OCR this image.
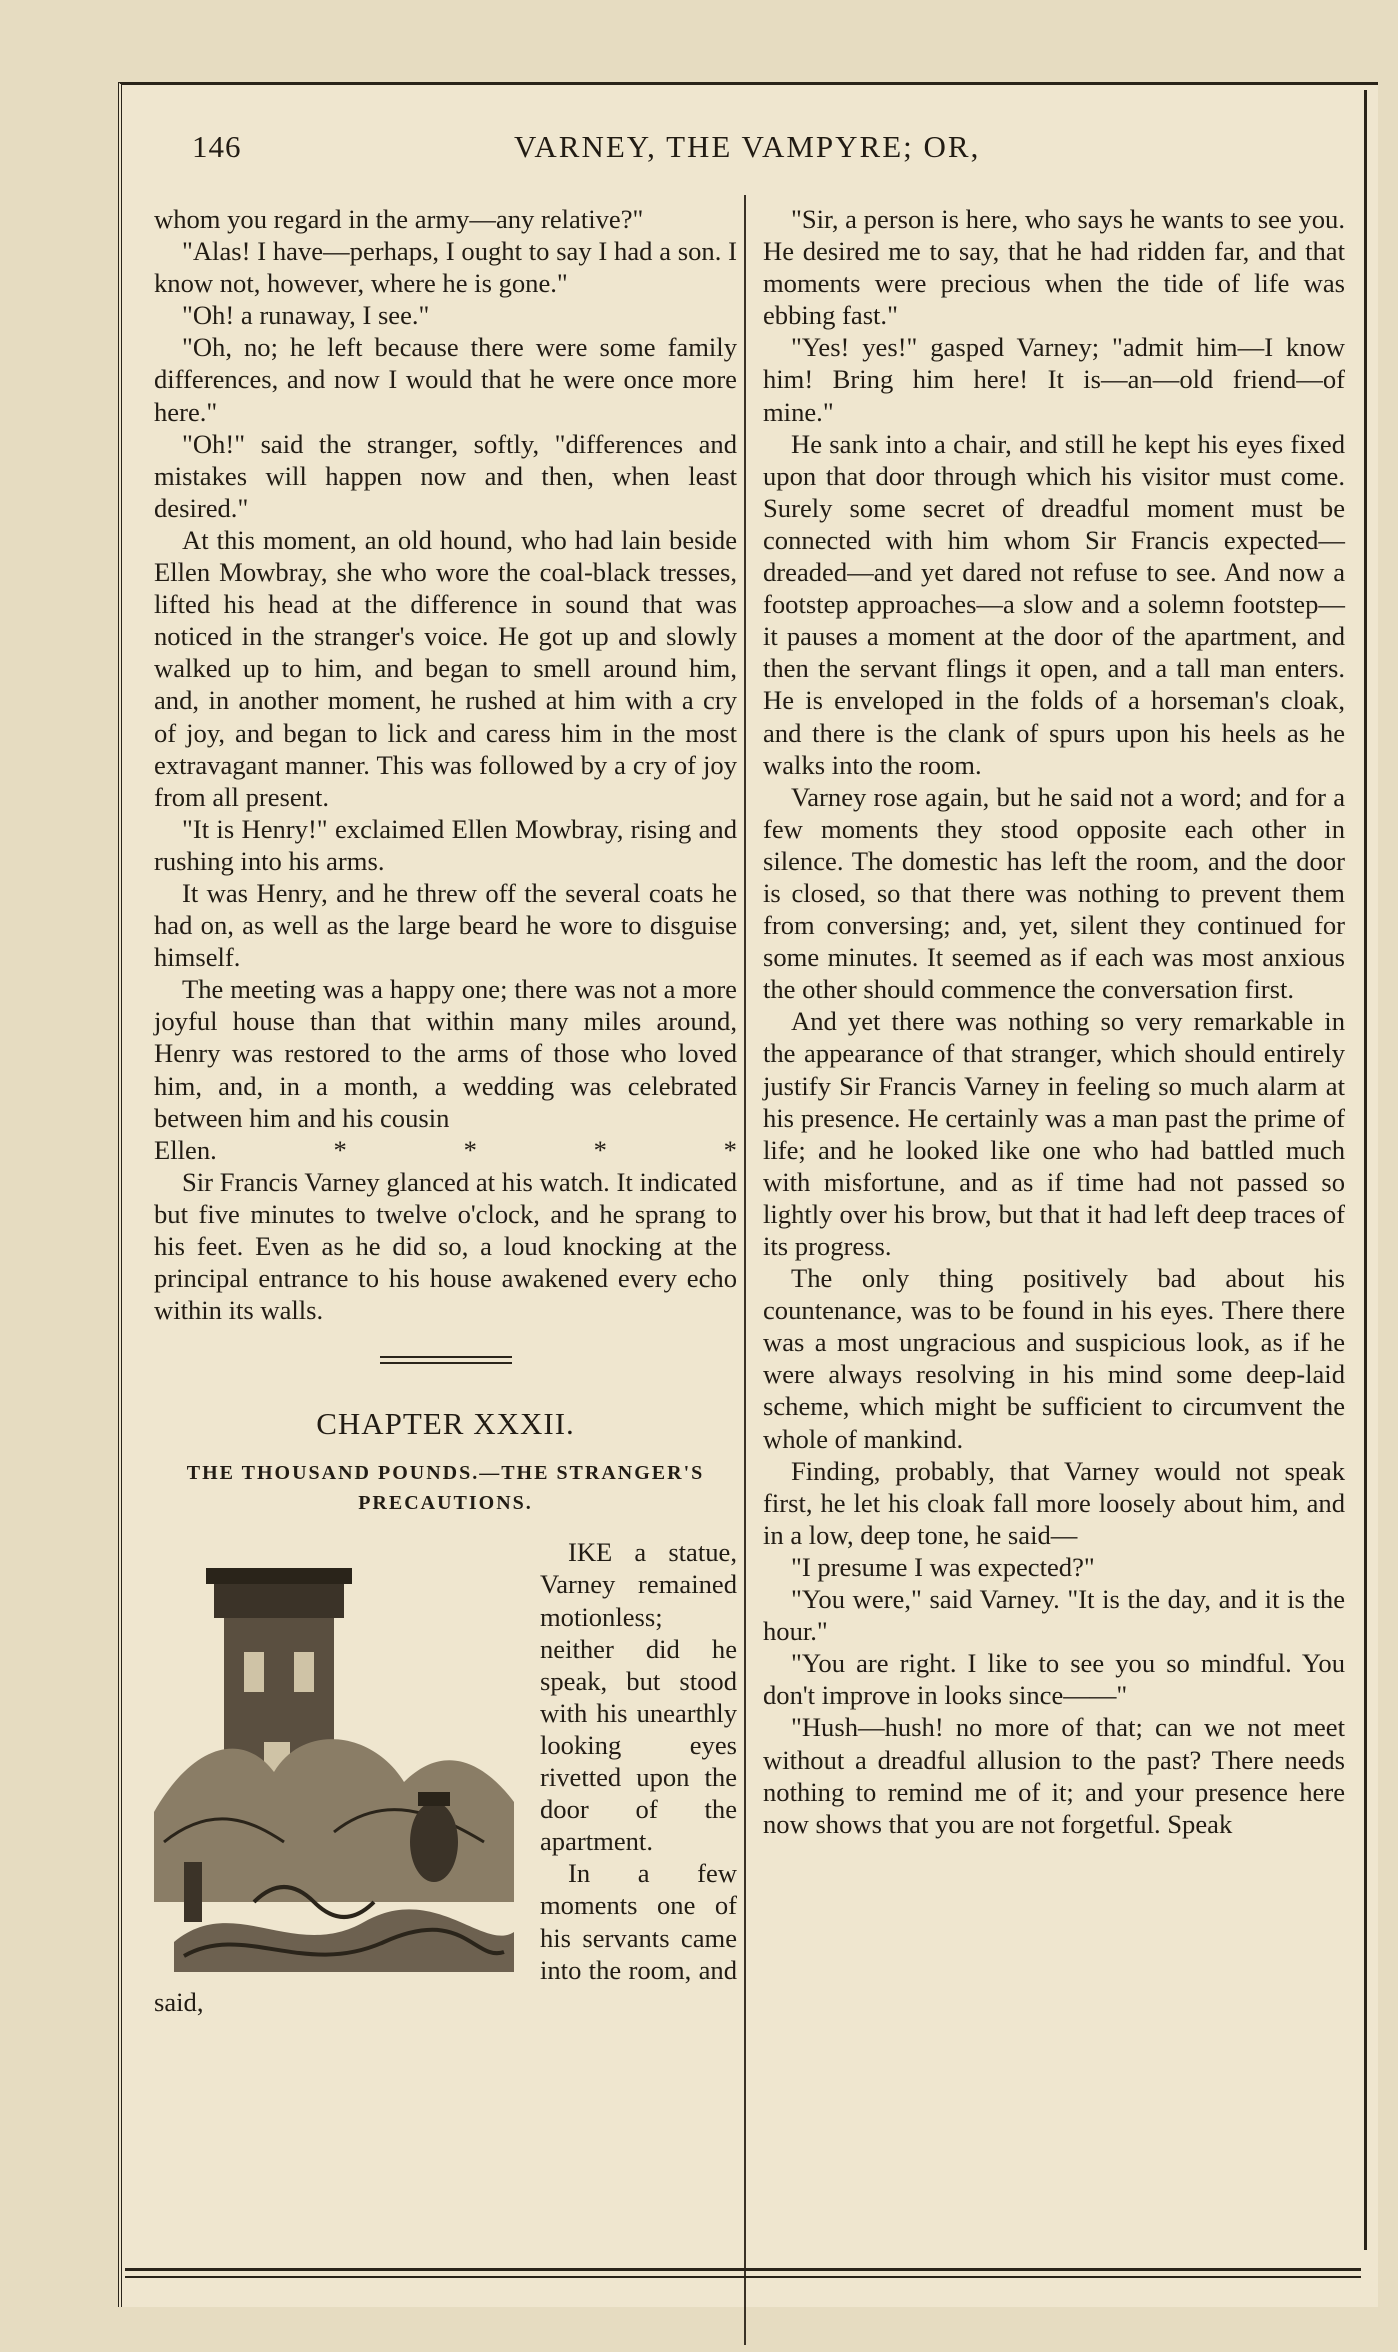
146	VARNEY, THE VAMPYRE; OR,

whom you regard in the army—any relative?"

"Alas! I have—perhaps, I ought to say I had a son. I know not, however, where he is gone."

"Oh! a runaway, I see."

"Oh, no; he left because there were some family differences, and now I would that he were once more here."

"Oh!" said the stranger, softly, "differences and mistakes will happen now and then, when least desired."

At this moment, an old hound, who had lain beside Ellen Mowbray, she who wore the coal-black tresses, lifted his head at the difference in sound that was noticed in the stranger's voice. He got up and slowly walked up to him, and began to smell around him, and, in another moment, he rushed at him with a cry of joy, and began to lick and caress him in the most extravagant manner. This was followed by a cry of joy from all present.

"It is Henry!" exclaimed Ellen Mowbray, rising and rushing into his arms.

It was Henry, and he threw off the several coats he had on, as well as the large beard he wore to disguise himself.

The meeting was a happy one; there was not a more joyful house than that within many miles around, Henry was restored to the arms of those who loved him, and, in a month, a wedding was celebrated between him and his cousin

Ellen.	*	*	*	*

Sir Francis Varney glanced at his watch. It indicated but five minutes to twelve o'clock, and he sprang to his feet. Even as he did so, a loud knocking at the principal entrance to his house awakened every echo within its walls.

CHAPTER XXXII.
THE THOUSAND POUNDS.—THE STRANGER'S PRECAUTIONS.

IKE a statue, Varney remained motionless; neither did he speak, but stood with his unearthly looking eyes rivetted upon the door of the apartment.

In a few moments one of his servants came into the room, and said,

"Sir, a person is here, who says he wants to see you. He desired me to say, that he had ridden far, and that moments were precious when the tide of life was ebbing fast."

"Yes! yes!" gasped Varney; "admit him—I know him! Bring him here! It is—an—old friend—of mine."

He sank into a chair, and still he kept his eyes fixed upon that door through which his visitor must come. Surely some secret of dreadful moment must be connected with him whom Sir Francis expected—dreaded—and yet dared not refuse to see. And now a footstep approaches—a slow and a solemn footstep—it pauses a moment at the door of the apartment, and then the servant flings it open, and a tall man enters. He is enveloped in the folds of a horseman's cloak, and there is the clank of spurs upon his heels as he walks into the room.

Varney rose again, but he said not a word; and for a few moments they stood opposite each other in silence. The domestic has left the room, and the door is closed, so that there was nothing to prevent them from conversing; and, yet, silent they continued for some minutes. It seemed as if each was most anxious the other should commence the conversation first.

And yet there was nothing so very remarkable in the appearance of that stranger, which should entirely justify Sir Francis Varney in feeling so much alarm at his presence. He certainly was a man past the prime of life; and he looked like one who had battled much with misfortune, and as if time had not passed so lightly over his brow, but that it had left deep traces of its progress.

The only thing positively bad about his countenance, was to be found in his eyes. There there was a most ungracious and suspicious look, as if he were always resolving in his mind some deep-laid scheme, which might be sufficient to circumvent the whole of mankind.

Finding, probably, that Varney would not speak first, he let his cloak fall more loosely about him, and in a low, deep tone, he said—

"I presume I was expected?"

"You were," said Varney. "It is the day, and it is the hour."

"You are right. I like to see you so mindful. You don't improve in looks since——"

"Hush—hush! no more of that; can we not meet without a dreadful allusion to the past? There needs nothing to remind me of it; and your presence here now shows that you are not forgetful. Speak
